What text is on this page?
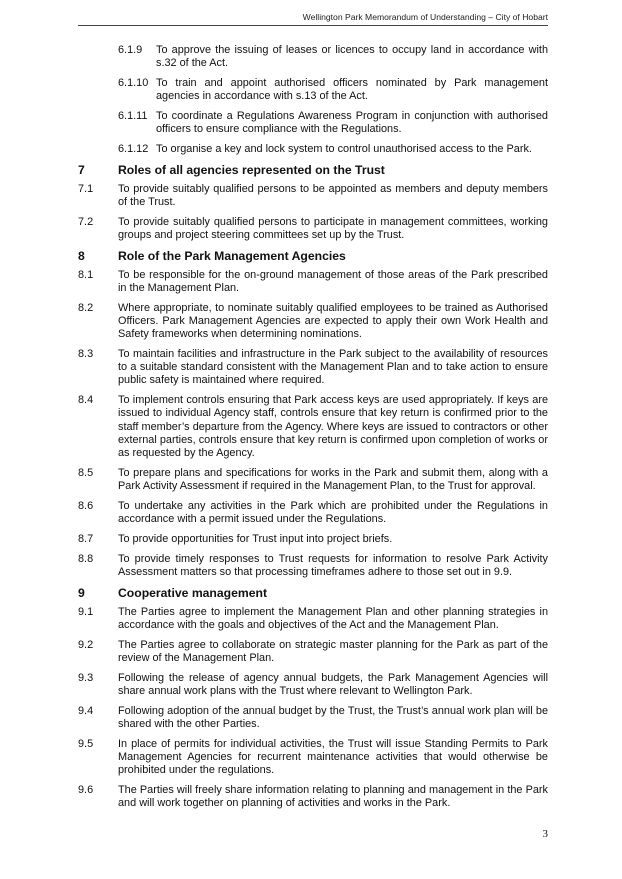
Wellington Park Memorandum of Understanding – City of Hobart
6.1.9	To approve the issuing of leases or licences to occupy land in accordance with s.32 of the Act.
6.1.10 To train and appoint authorised officers nominated by Park management agencies in accordance with s.13 of the Act.
6.1.11 To coordinate a Regulations Awareness Program in conjunction with authorised officers to ensure compliance with the Regulations.
6.1.12 To organise a key and lock system to control unauthorised access to the Park.
7	Roles of all agencies represented on the Trust
7.1	To provide suitably qualified persons to be appointed as members and deputy members of the Trust.
7.2	To provide suitably qualified persons to participate in management committees, working groups and project steering committees set up by the Trust.
8	Role of the Park Management Agencies
8.1	To be responsible for the on-ground management of those areas of the Park prescribed in the Management Plan.
8.2	Where appropriate, to nominate suitably qualified employees to be trained as Authorised Officers. Park Management Agencies are expected to apply their own Work Health and Safety frameworks when determining nominations.
8.3	To maintain facilities and infrastructure in the Park subject to the availability of resources to a suitable standard consistent with the Management Plan and to take action to ensure public safety is maintained where required.
8.4	To implement controls ensuring that Park access keys are used appropriately. If keys are issued to individual Agency staff, controls ensure that key return is confirmed prior to the staff member’s departure from the Agency. Where keys are issued to contractors or other external parties, controls ensure that key return is confirmed upon completion of works or as requested by the Agency.
8.5	To prepare plans and specifications for works in the Park and submit them, along with a Park Activity Assessment if required in the Management Plan, to the Trust for approval.
8.6	To undertake any activities in the Park which are prohibited under the Regulations in accordance with a permit issued under the Regulations.
8.7	To provide opportunities for Trust input into project briefs.
8.8	To provide timely responses to Trust requests for information to resolve Park Activity Assessment matters so that processing timeframes adhere to those set out in 9.9.
9	Cooperative management
9.1	The Parties agree to implement the Management Plan and other planning strategies in accordance with the goals and objectives of the Act and the Management Plan.
9.2	The Parties agree to collaborate on strategic master planning for the Park as part of the review of the Management Plan.
9.3	Following the release of agency annual budgets, the Park Management Agencies will share annual work plans with the Trust where relevant to Wellington Park.
9.4	Following adoption of the annual budget by the Trust, the Trust’s annual work plan will be shared with the other Parties.
9.5	In place of permits for individual activities, the Trust will issue Standing Permits to Park Management Agencies for recurrent maintenance activities that would otherwise be prohibited under the regulations.
9.6	The Parties will freely share information relating to planning and management in the Park and will work together on planning of activities and works in the Park.
3
